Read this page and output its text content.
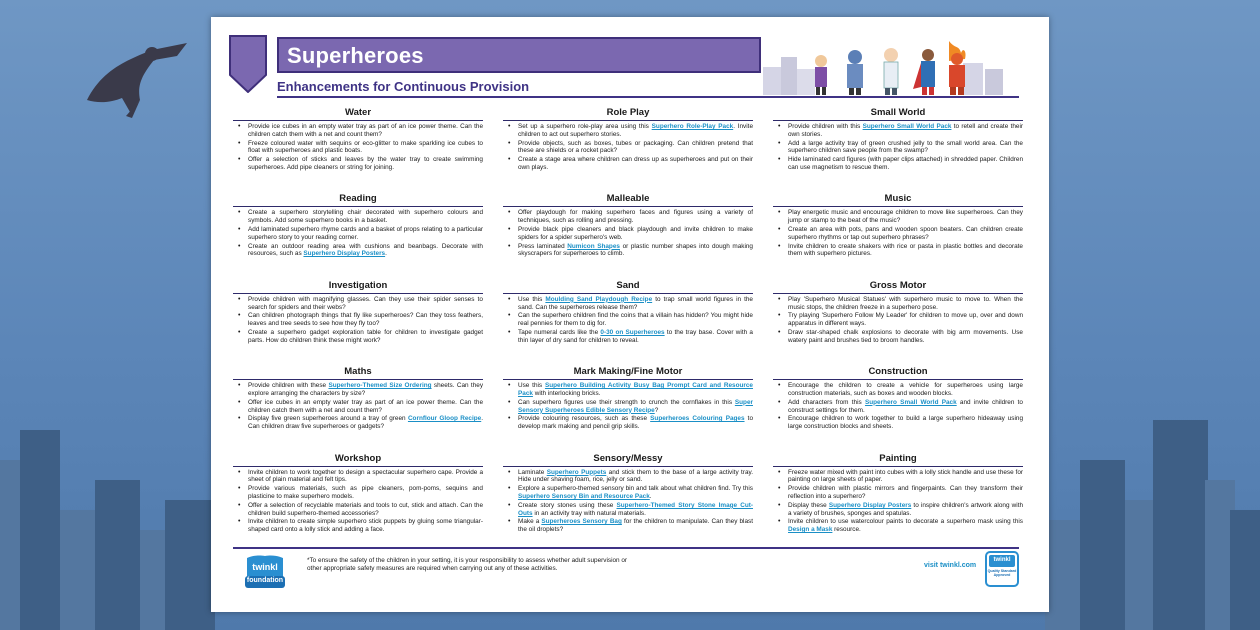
Superheroes
Enhancements for Continuous Provision
Water
• Provide ice cubes in an empty water tray as part of an ice power theme. Can the children catch them with a net and count them?
• Freeze coloured water with sequins or eco-glitter to make sparkling ice cubes to float with superheroes and plastic boats.
• Offer a selection of sticks and leaves by the water tray to create swimming superheroes. Add pipe cleaners or string for joining.
Role Play
• Set up a superhero role-play area using this Superhero Role-Play Pack. Invite children to act out superhero stories.
• Provide objects, such as boxes, tubes or packaging. Can children pretend that these are shields or a rocket pack?
• Create a stage area where children can dress up as superheroes and put on their own plays.
Small World
• Provide children with this Superhero Small World Pack to retell and create their own stories.
• Add a large activity tray of green crushed jelly to the small world area. Can the superhero children save people from the swamp?
• Hide laminated card figures (with paper clips attached) in shredded paper. Children can use magnetism to rescue them.
Reading
• Create a superhero storytelling chair decorated with superhero colours and symbols. Add some superhero books in a basket.
• Add laminated superhero rhyme cards and a basket of props relating to a particular superhero story to your reading corner.
• Create an outdoor reading area with cushions and beanbags. Decorate with resources, such as Superhero Display Posters.
Malleable
• Offer playdough for making superhero faces and figures using a variety of techniques, such as rolling and pressing.
• Provide black pipe cleaners and black playdough and invite children to make spiders for a spider superhero's web.
• Press laminated Numicon Shapes or plastic number shapes into dough making skyscrapers for superheroes to climb.
Music
• Play energetic music and encourage children to move like superheroes. Can they jump or stamp to the beat of the music?
• Create an area with pots, pans and wooden spoon beaters. Can children create superhero rhythms or tap out superhero phrases?
• Invite children to create shakers with rice or pasta in plastic bottles and decorate them with superhero pictures.
Investigation
• Provide children with magnifying glasses. Can they use their spider senses to search for spiders and their webs?
• Can children photograph things that fly like superheroes? Can they toss feathers, leaves and tree seeds to see how they fly too?
• Create a superhero gadget exploration table for children to investigate gadget parts. How do children think these might work?
Sand
• Use this Moulding Sand Playdough Recipe to trap small world figures in the sand. Can the superheroes release them?
• Can the superhero children find the coins that a villain has hidden? You might hide real pennies for them to dig for.
• Tape numeral cards like the 0-30 on Superheroes to the tray base. Cover with a thin layer of dry sand for children to reveal.
Gross Motor
• Play 'Superhero Musical Statues' with superhero music to move to. When the music stops, the children freeze in a superhero pose.
• Try playing 'Superhero Follow My Leader' for children to move up, over and down apparatus in different ways.
• Draw star-shaped chalk explosions to decorate with big arm movements. Use watery paint and brushes tied to broom handles.
Maths
• Provide children with these Superhero-Themed Size Ordering sheets. Can they explore arranging the characters by size?
• Offer ice cubes in an empty water tray as part of an ice power theme. Can the children catch them with a net and count them?
• Display five green superheroes around a tray of green Cornflour Gloop Recipe. Can children draw five superheroes or gadgets?
Mark Making/Fine Motor
• Use this Superhero Building Activity Busy Bag Prompt Card and Resource Pack with interlocking bricks.
• Can superhero figures use their strength to crunch the cornflakes in this Super Sensory Superheroes Edible Sensory Recipe?
• Provide colouring resources, such as these Superheroes Colouring Pages to develop mark making and pencil grip skills.
Construction
• Encourage the children to create a vehicle for superheroes using large construction materials, such as boxes and wooden blocks.
• Add characters from this Superhero Small World Pack and invite children to construct settings for them.
• Encourage children to work together to build a large superhero hideaway using large construction blocks and sheets.
Workshop
• Invite children to work together to design a spectacular superhero cape. Provide a sheet of plain material and felt tips.
• Provide various materials, such as pipe cleaners, pom-poms, sequins and plasticine to make superhero models.
• Offer a selection of recyclable materials and tools to cut, stick and attach. Can the children build superhero-themed accessories?
• Invite children to create simple superhero stick puppets by gluing some triangular-shaped card onto a lolly stick and adding a face.
Sensory/Messy
• Laminate Superhero Puppets and stick them to the base of a large activity tray. Hide under shaving foam, rice, jelly or sand.
• Explore a superhero-themed sensory bin and talk about what children find. Try this Superhero Sensory Bin and Resource Pack.
• Create story stones using these Superhero-Themed Story Stone Image Cut-Outs in an activity tray with natural materials.
• Make a Superheroes Sensory Bag for the children to manipulate. Can they blast the oil droplets?
Painting
• Freeze water mixed with paint into cubes with a lolly stick handle and use these for painting on large sheets of paper.
• Provide children with plastic mirrors and fingerpaints. Can they transform their reflection into a superhero?
• Display these Superhero Display Posters to inspire children's artwork along with a variety of brushes, sponges and spatulas.
• Invite children to use watercolour paints to decorate a superhero mask using this Design a Mask resource.
twinkl
foundation
*To ensure the safety of the children in your setting, it is your responsibility to assess whether adult supervision or other appropriate safety measures are required when carrying out any of these activities.	visit twinkl.com
twinkl
Quality Standard Approved
